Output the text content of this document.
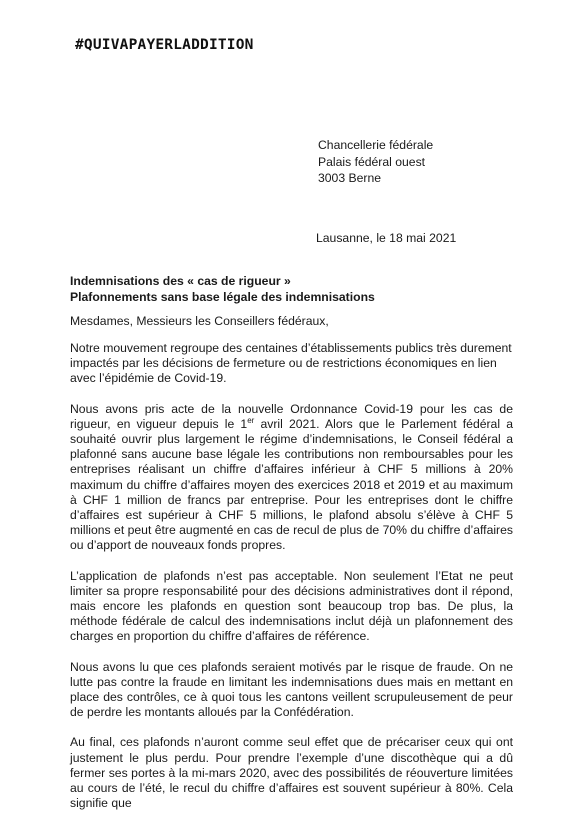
#QUIVAPAYERLADDITION
Chancellerie fédérale
Palais fédéral ouest
3003 Berne
Lausanne, le 18 mai 2021
Indemnisations des « cas de rigueur »
Plafonnements sans base légale des indemnisations
Mesdames, Messieurs les Conseillers fédéraux,

Notre mouvement regroupe des centaines d’établissements publics très durement impactés par les décisions de fermeture ou de restrictions économiques en lien avec l’épidémie de Covid-19.

Nous avons pris acte de la nouvelle Ordonnance Covid-19 pour les cas de rigueur, en vigueur depuis le 1er avril 2021. Alors que le Parlement fédéral a souhaité ouvrir plus largement le régime d’indemnisations, le Conseil fédéral a plafonné sans aucune base légale les contributions non remboursables pour les entreprises réalisant un chiffre d’affaires inférieur à CHF 5 millions à 20% maximum du chiffre d’affaires moyen des exercices 2018 et 2019 et au maximum à CHF 1 million de francs par entreprise. Pour les entreprises dont le chiffre d’affaires est supérieur à CHF 5 millions, le plafond absolu s’élève à CHF 5 millions et peut être augmenté en cas de recul de plus de 70% du chiffre d’affaires ou d’apport de nouveaux fonds propres.

L’application de plafonds n’est pas acceptable. Non seulement l’Etat ne peut limiter sa propre responsabilité pour des décisions administratives dont il répond, mais encore les plafonds en question sont beaucoup trop bas. De plus, la méthode fédérale de calcul des indemnisations inclut déjà un plafonnement des charges en proportion du chiffre d’affaires de référence.

Nous avons lu que ces plafonds seraient motivés par le risque de fraude. On ne lutte pas contre la fraude en limitant les indemnisations dues mais en mettant en place des contrôles, ce à quoi tous les cantons veillent scrupuleusement de peur de perdre les montants alloués par la Confédération.

Au final, ces plafonds n’auront comme seul effet que de précariser ceux qui ont justement le plus perdu. Pour prendre l’exemple d’une discothèque qui a dû fermer ses portes à la mi-mars 2020, avec des possibilités de réouverture limitées au cours de l’été, le recul du chiffre d’affaires est souvent supérieur à 80%. Cela signifie que
